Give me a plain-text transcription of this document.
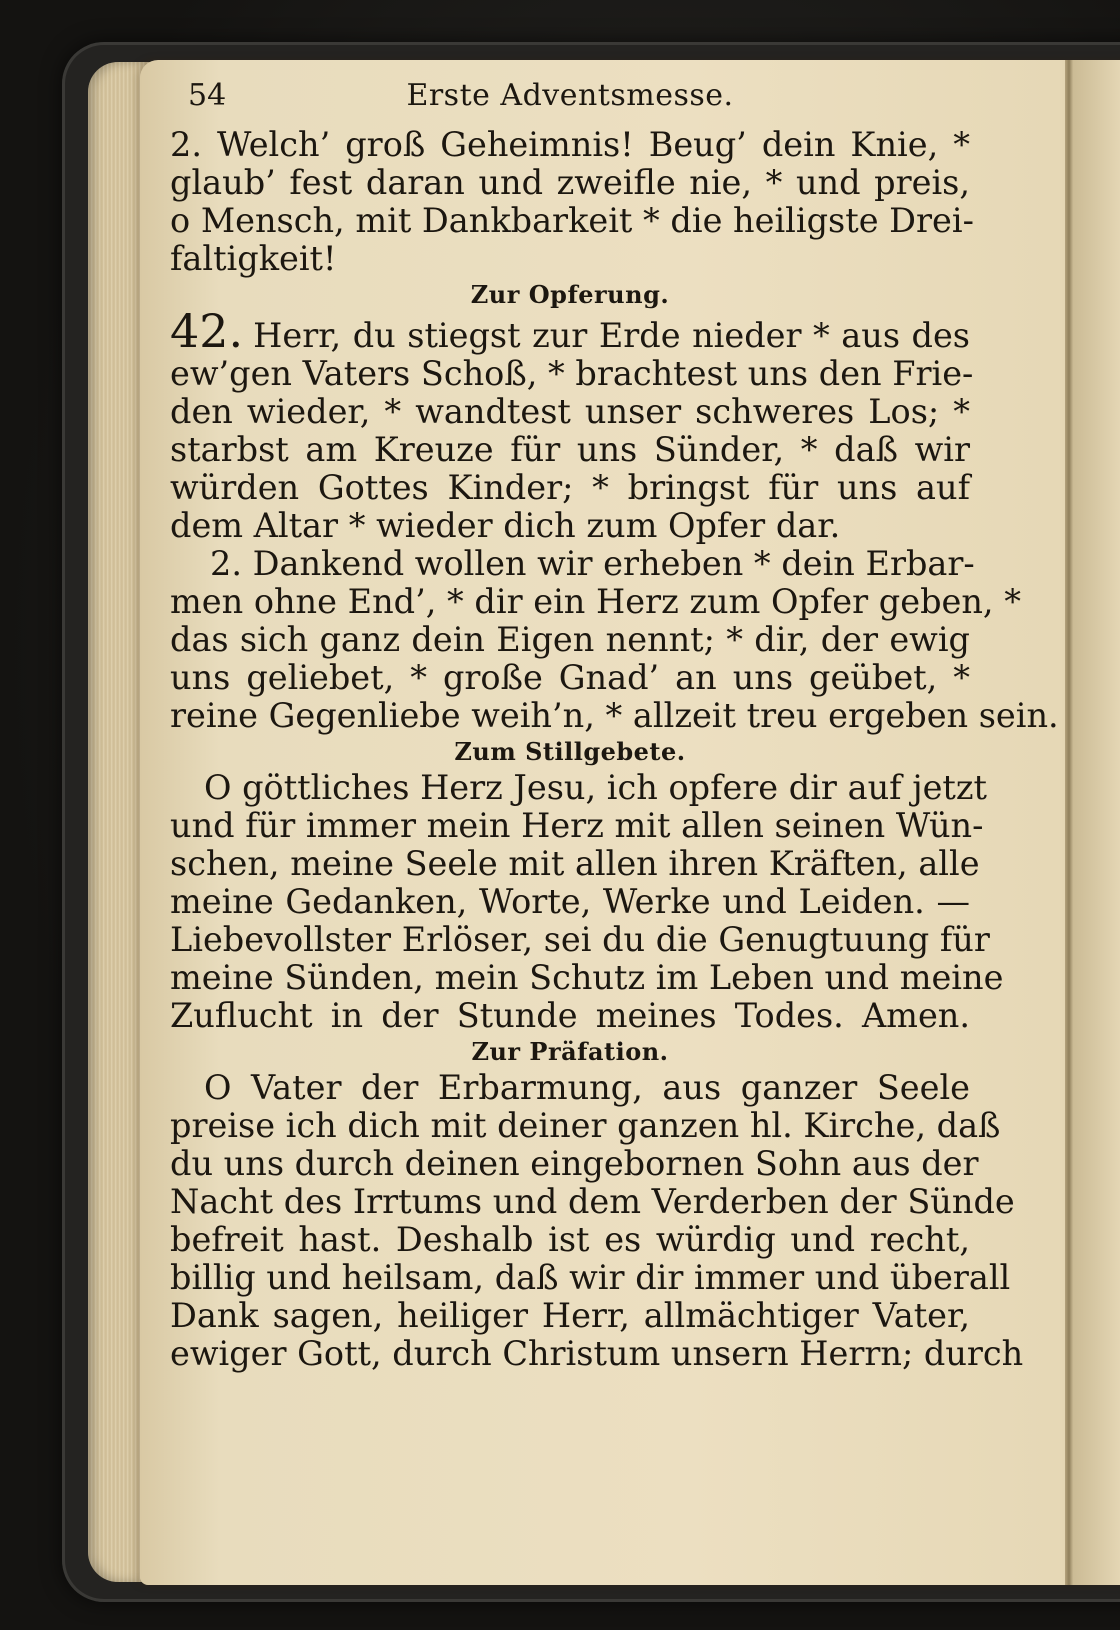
54	Erste Adventsmesse.
2. Welch’ groß Geheimnis! Beug’ dein Knie, *
glaub’ fest daran und zweifle nie, * und preis,
o Mensch, mit Dankbarkeit * die heiligste Drei-
faltigkeit!
Zur Opferung.
42. Herr, du stiegst zur Erde nieder * aus des
ew’gen Vaters Schoß, * brachtest uns den Frie-
den wieder, * wandtest unser schweres Los; *
starbst am Kreuze für uns Sünder, * daß wir
würden Gottes Kinder; * bringst für uns auf
dem Altar * wieder dich zum Opfer dar.
2. Dankend wollen wir erheben * dein Erbar-
men ohne End’, * dir ein Herz zum Opfer geben, *
das sich ganz dein Eigen nennt; * dir, der ewig
uns geliebet, * große Gnad’ an uns geübet, *
reine Gegenliebe weih’n, * allzeit treu ergeben sein.
Zum Stillgebete.
O göttliches Herz Jesu, ich opfere dir auf jetzt
und für immer mein Herz mit allen seinen Wün-
schen, meine Seele mit allen ihren Kräften, alle
meine Gedanken, Worte, Werke und Leiden. —
Liebevollster Erlöser, sei du die Genugtuung für
meine Sünden, mein Schutz im Leben und meine
Zuflucht in der Stunde meines Todes. Amen.
Zur Präfation.
O Vater der Erbarmung, aus ganzer Seele
preise ich dich mit deiner ganzen hl. Kirche, daß
du uns durch deinen eingebornen Sohn aus der
Nacht des Irrtums und dem Verderben der Sünde
befreit hast. Deshalb ist es würdig und recht,
billig und heilsam, daß wir dir immer und überall
Dank sagen, heiliger Herr, allmächtiger Vater,
ewiger Gott, durch Christum unsern Herrn; durch
